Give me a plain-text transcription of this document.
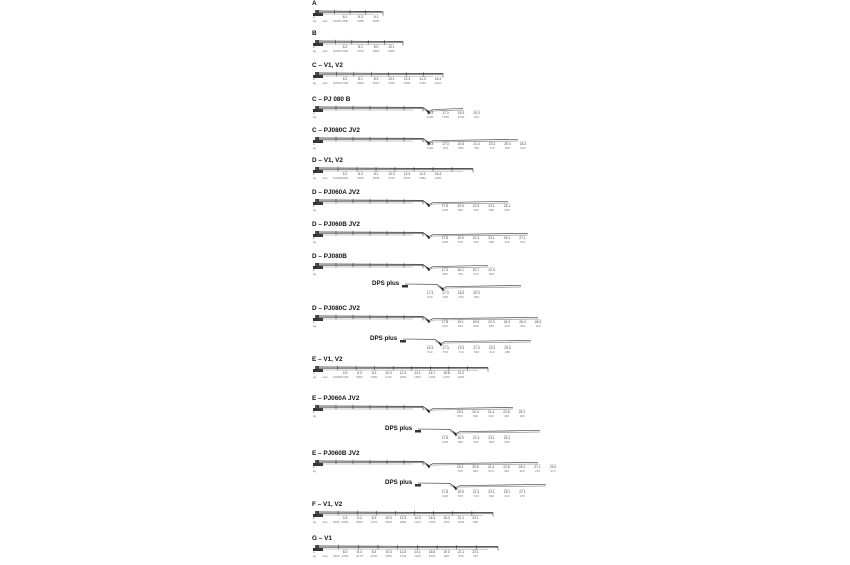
a
kg max. 10000
6.1
7800
8.3
5280
6.1
3500
a
kg max. 10000
6.2
7500
8.1
5750
8.0
3800
10.1
3500
a
kg max. 10000
6.2
7200
8.1
6600
8.3
5510
10.1
4640
12.3
3400
14.3
2780
16.4
2410
a
kg
15.3
1230
17.3
1780
18.3
1630
20.3
970
a
kg
15.3
1120
17.3
870
19.3
880
21.3
780
23.3
710
25.3
650
26.3
600
a
kg max. 10000
6.2
8300
8.2
6650
8.1
4830
10.3
3720
12.4
2870
14.1
1860
16.4
1230
a
kg
17.8
1130
19.9
860
21.9
700
23.1
550
25.1
380
a
kg
17.8
1200
19.9
870
21.4
700
23.1
540
25.1
410
27.1
270
a
kg
17.3
880
18.2
750
20.7
670
22.3
600
17.3
540
17.3
540
18.3
460
20.3
350
a
kg
17.8
960
19.1
810
20.9
680
22.3
560
24.3
440
26.3
310
28.3
160
15.3
510
17.3
570
19.3
710
21.3
530
23.3
410
25.3
280
a
kg max. 10000
4.9
8700
6.3
6500
8.3
3350
10.3
2410
12.4
1960
14.1
1500
16.7
1300
18.8
1270
21.0
1050
a
kg
18.3
650
20.4
540
21.4
390
22.8
430
25.1
400
17.8
1130
19.9
860
21.4
600
23.1
500
25.1
380
a
kg
18.3
700
20.8
680
21.4
510
22.8
430
25.1
320
27.1
270
29.0
170
17.8
1120
19.9
870
21.4
740
23.1
540
25.1
410
27.1
270
a
kg max. 9000
4.3
8500
6.4
6500
8.3
4170
10.3
3150
12.3
1860
14.3
1240
16.4
1320
18.4
1150
21.1
1000
23.1
650
a
kg max. 2600
6.0
2200
8.4
4170
8.4
4640
10.3
3250
11.8
1740
14.1
1220
16.8
1040
19.0
800
21.1
500
23.1
470
A
B
C – V1, V2
C – PJ 080 B
C – PJ080C JV2
D – V1, V2
D – PJ060A JV2
D – PJ060B JV2
D – PJ080B
DPS plus
D – PJ080C JV2
DPS plus
E – V1, V2
E – PJ060A JV2
DPS plus
E – PJ060B JV2
DPS plus
F – V1, V2
G – V1
